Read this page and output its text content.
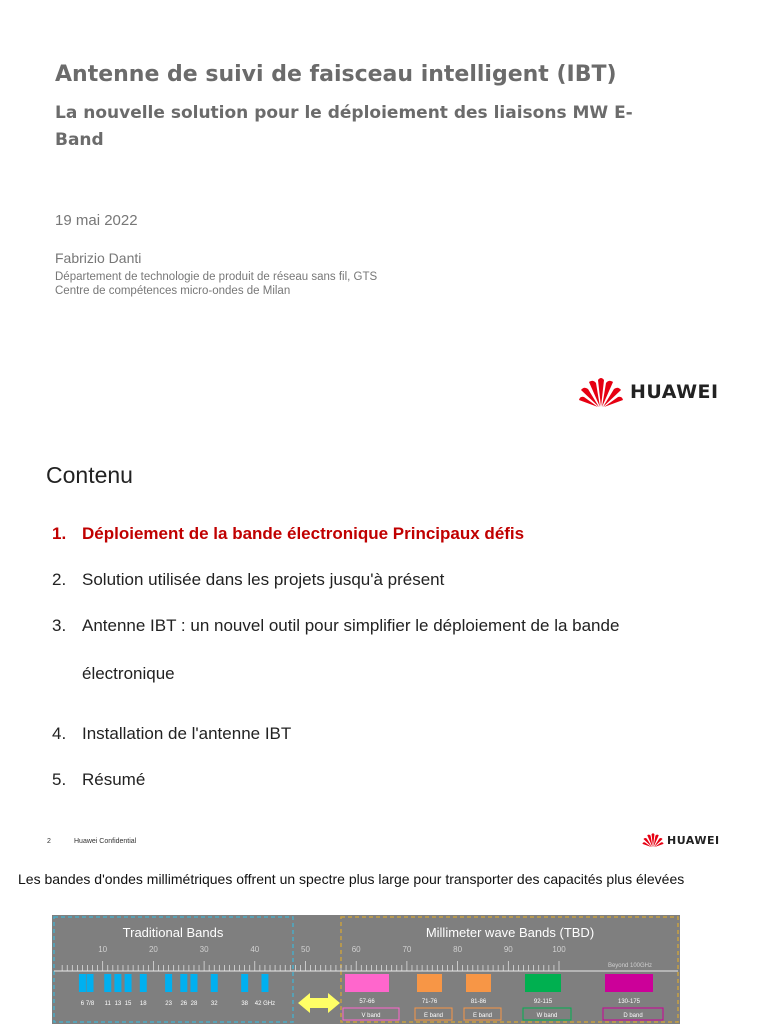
Antenne de suivi de faisceau intelligent (IBT)
La nouvelle solution pour le déploiement des liaisons MW E-Band
19 mai 2022
Fabrizio Danti
Département de technologie de produit de réseau sans fil, GTS
Centre de compétences micro-ondes de Milan
HUAWEI
Contenu
1. Déploiement de la bande électronique Principaux défis
2. Solution utilisée dans les projets jusqu'à présent
3. Antenne IBT : un nouvel outil pour simplifier le déploiement de la bande électronique
4. Installation de l'antenne IBT
5. Résumé
2	Huawei Confidential	HUAWEI
Les bandes d'ondes millimétriques offrent un spectre plus large pour transporter des capacités plus élevées
Traditional Bands	Millimeter wave Bands (TBD)
10	20	30	40	50	60	70	80	90	100
Beyond 100GHz
6 7/8 11 13 15 18	23 26 28 32	38 42 GHz	57-66
V band
71-76
E band
81-86
E band
92-115
W band
130-175
D band
